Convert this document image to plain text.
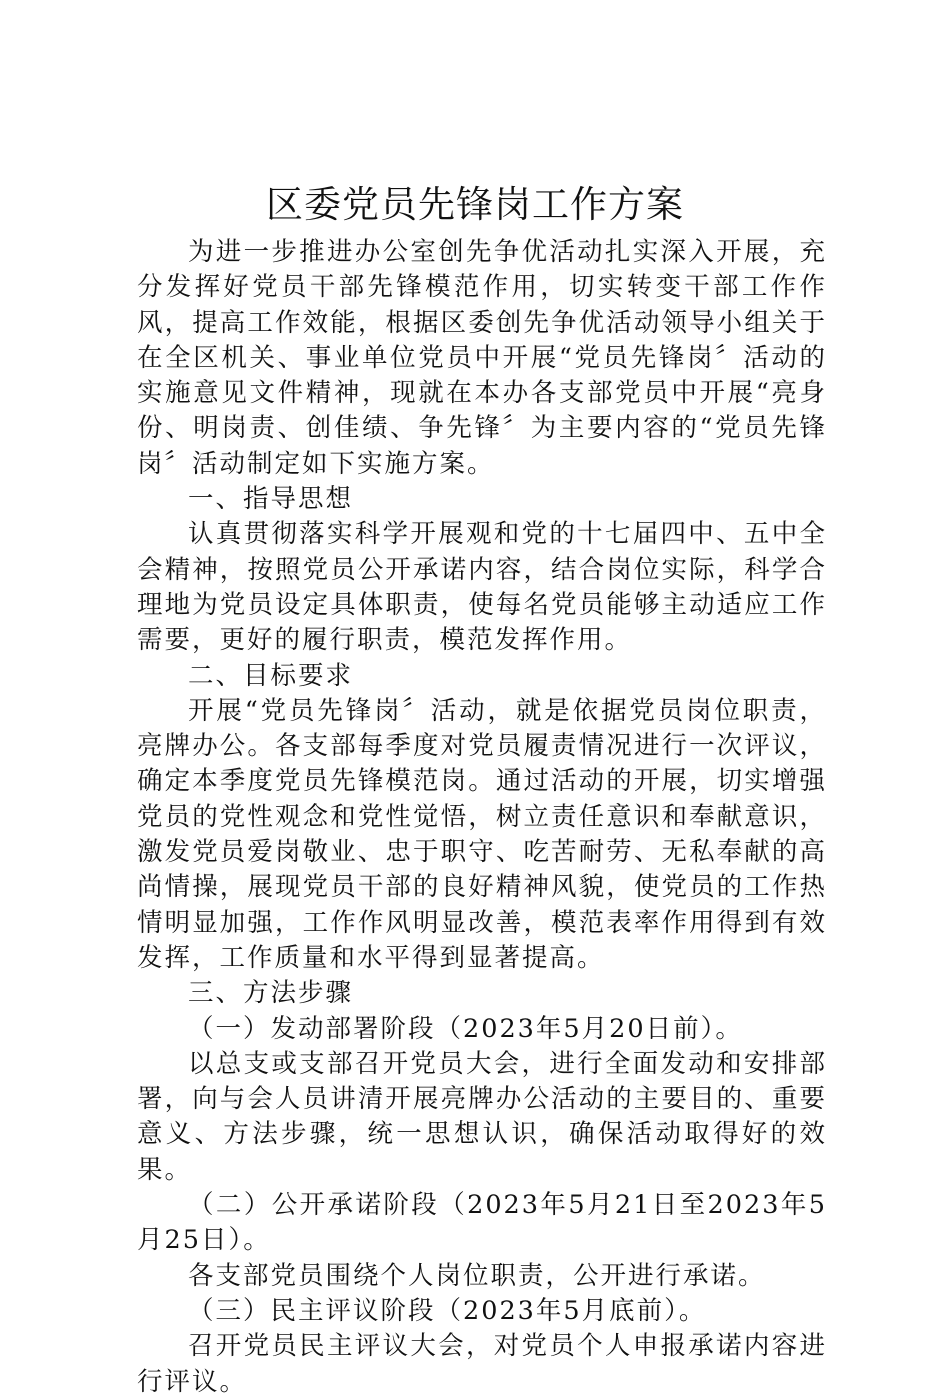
区委党员先锋岗工作方案

为进一步推进办公室创先争优活动扎实深入开展，充分发挥好党员干部先锋模范作用，切实转变干部工作作风，提高工作效能，根据区委创先争优活动领导小组关于在全区机关、事业单位党员中开展“党员先锋岗〞活动的实施意见文件精神，现就在本办各支部党员中开展“亮身份、明岗责、创佳绩、争先锋〞为主要内容的“党员先锋岗〞活动制定如下实施方案。

一、指导思想

认真贯彻落实科学开展观和党的十七届四中、五中全会精神，按照党员公开承诺内容，结合岗位实际，科学合理地为党员设定具体职责，使每名党员能够主动适应工作需要，更好的履行职责，模范发挥作用。

二、目标要求

开展“党员先锋岗〞活动，就是依据党员岗位职责，亮牌办公。各支部每季度对党员履责情况进行一次评议，确定本季度党员先锋模范岗。通过活动的开展，切实增强党员的党性观念和党性觉悟，树立责任意识和奉献意识，激发党员爱岗敬业、忠于职守、吃苦耐劳、无私奉献的高尚情操，展现党员干部的良好精神风貌，使党员的工作热情明显加强，工作作风明显改善，模范表率作用得到有效发挥，工作质量和水平得到显著提高。

三、方法步骤

（一）发动部署阶段（2023年5月20日前）。

以总支或支部召开党员大会，进行全面发动和安排部署，向与会人员讲清开展亮牌办公活动的主要目的、重要意义、方法步骤，统一思想认识，确保活动取得好的效果。

（二）公开承诺阶段（2023年5月21日至2023年5月25日）。

各支部党员围绕个人岗位职责，公开进行承诺。

（三）民主评议阶段（2023年5月底前）。

召开党员民主评议大会，对党员个人申报承诺内容进行评议。
